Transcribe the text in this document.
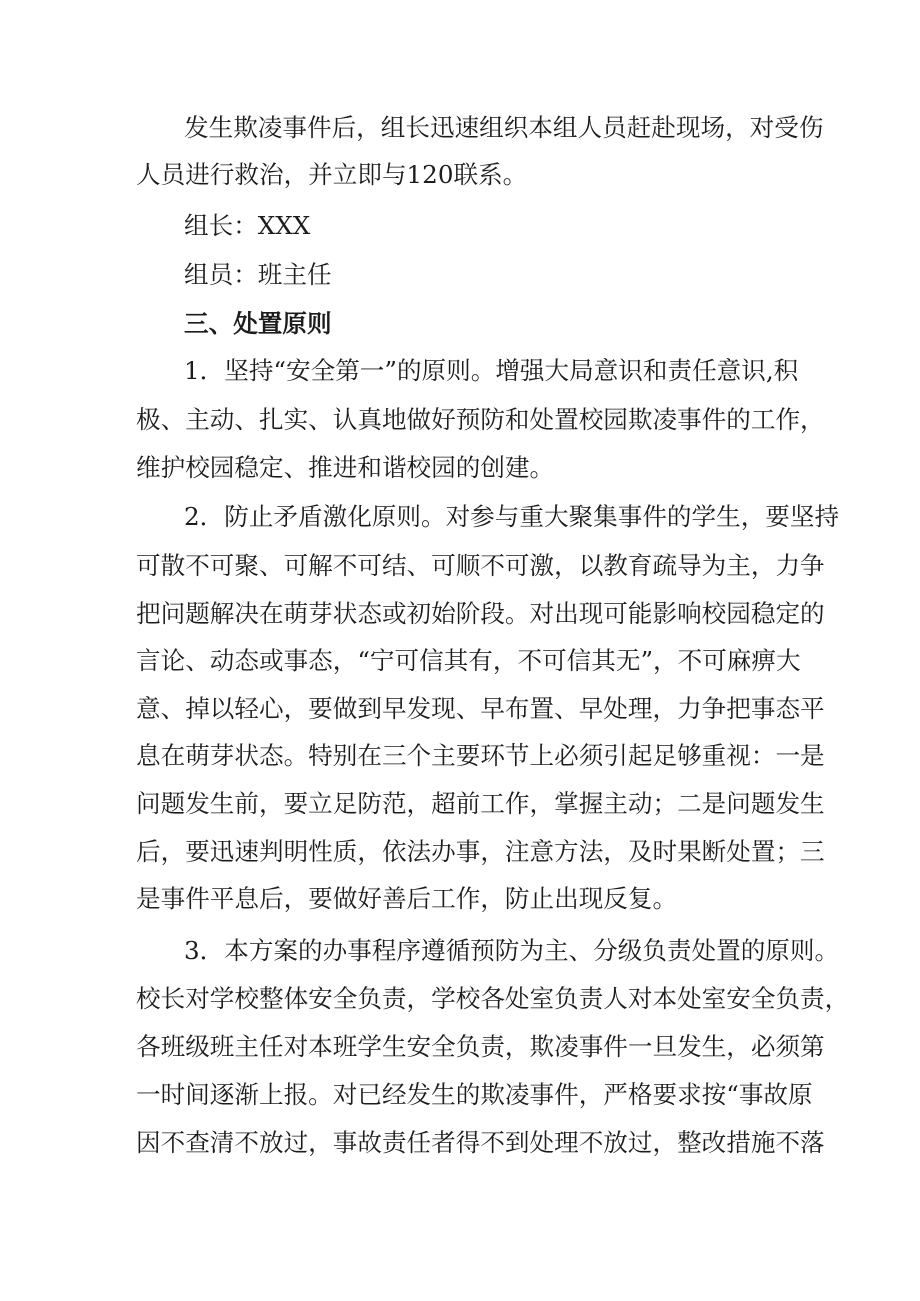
发生欺凌事件后，组长迅速组织本组人员赶赴现场，对受伤

人员进行救治，并立即与120联系。

组长：XXX

组员：班主任

三、处置原则

1．坚持“安全第一”的原则。增强大局意识和责任意识,积

极、主动、扎实、认真地做好预防和处置校园欺凌事件的工作，

维护校园稳定、推进和谐校园的创建。

2．防止矛盾激化原则。对参与重大聚集事件的学生，要坚持

可散不可聚、可解不可结、可顺不可激，以教育疏导为主，力争

把问题解决在萌芽状态或初始阶段。对出现可能影响校园稳定的

言论、动态或事态，“宁可信其有，不可信其无”，不可麻痹大

意、掉以轻心，要做到早发现、早布置、早处理，力争把事态平

息在萌芽状态。特别在三个主要环节上必须引起足够重视：一是

问题发生前，要立足防范，超前工作，掌握主动；二是问题发生

后，要迅速判明性质，依法办事，注意方法，及时果断处置；三

是事件平息后，要做好善后工作，防止出现反复。

3．本方案的办事程序遵循预防为主、分级负责处置的原则。

校长对学校整体安全负责，学校各处室负责人对本处室安全负责，

各班级班主任对本班学生安全负责，欺凌事件一旦发生，必须第

一时间逐渐上报。对已经发生的欺凌事件，严格要求按“事故原

因不查清不放过，事故责任者得不到处理不放过，整改措施不落
